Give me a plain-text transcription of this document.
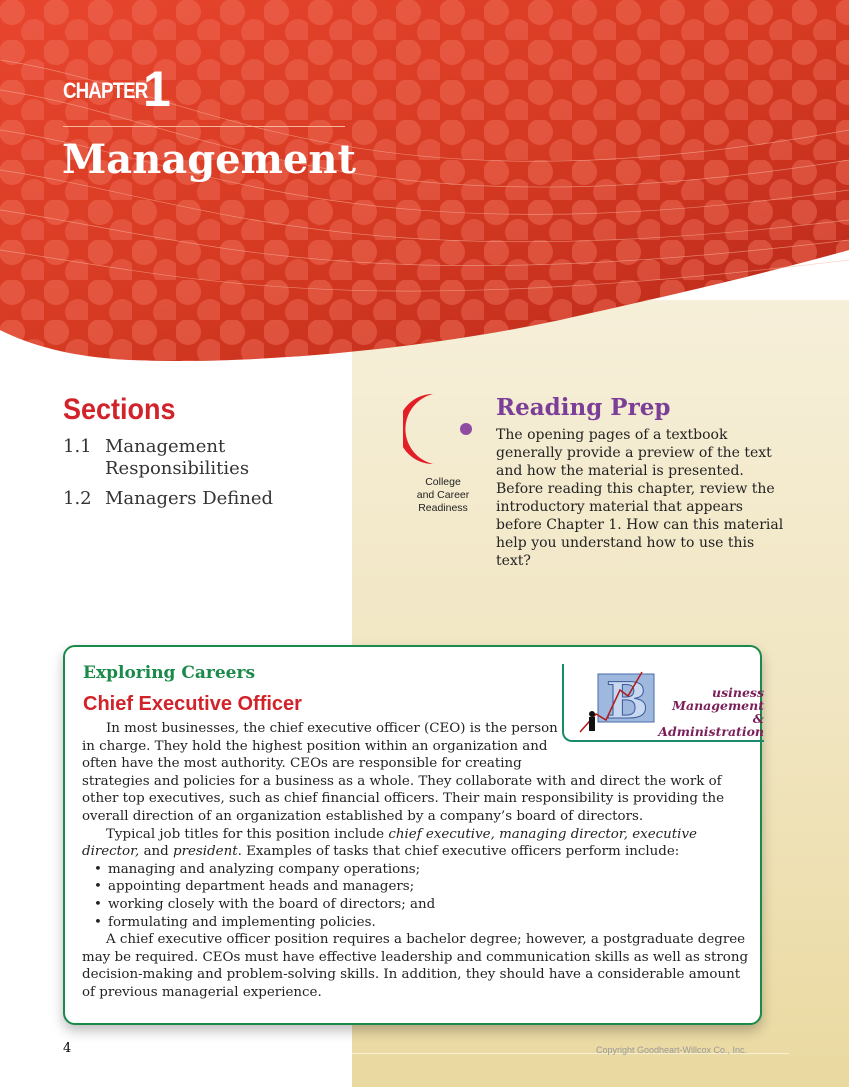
CHAPTER
1
Management
Sections
1.1 Management
Responsibilities
1.2 Managers Defined
College
and Career
Readiness
Reading Prep
The opening pages of a textbook generally provide a preview of the text and how the material is presented. Before reading this chapter, review the introductory material that appears before Chapter 1. How can this material help you understand how to use this text?
Exploring Careers
Chief Executive Officer	B	usiness Management
& Administration

In most businesses, the chief executive officer (CEO) is the person in charge. They hold the highest position within an organization and often have the most authority. CEOs are responsible for creating strategies and policies for a business as a whole. They collaborate with and direct the work of other top executives, such as chief financial officers. Their main responsibility is providing the overall direction of an organization established by a company’s board of directors.

Typical job titles for this position include chief executive, managing director, executive director, and president. Examples of tasks that chief executive officers perform include:

• managing and analyzing company operations;
• appointing department heads and managers;
• working closely with the board of directors; and
• formulating and implementing policies.

A chief executive officer position requires a bachelor degree; however, a postgraduate degree may be required. CEOs must have effective leadership and communication skills as well as strong decision-making and problem-solving skills. In addition, they should have a considerable amount of previous managerial experience.

4	Copyright Goodheart-Willcox Co., Inc.
